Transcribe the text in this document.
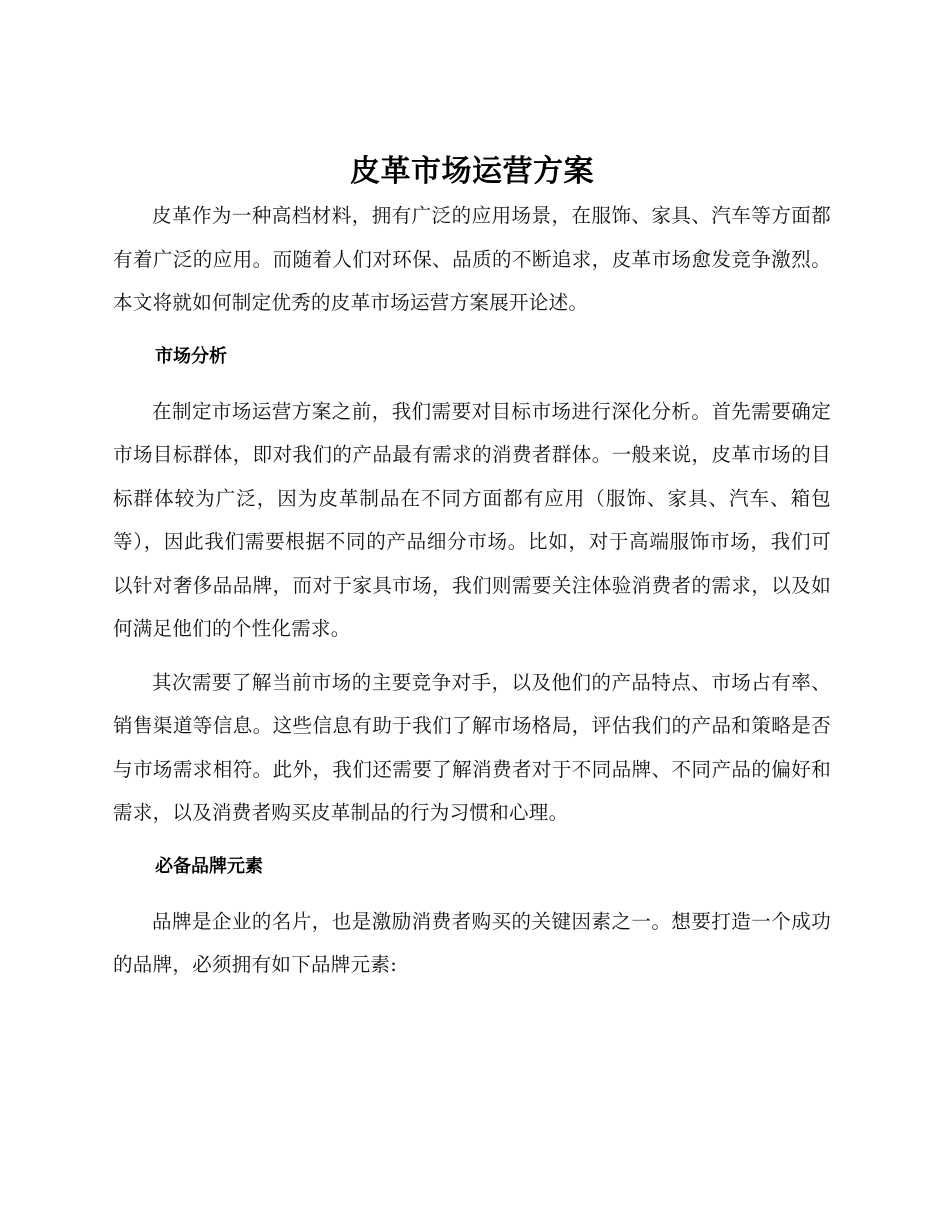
皮革市场运营方案

皮革作为一种高档材料，拥有广泛的应用场景，在服饰、家具、汽车等方面都有着广泛的应用。而随着人们对环保、品质的不断追求，皮革市场愈发竞争激烈。本文将就如何制定优秀的皮革市场运营方案展开论述。

市场分析

在制定市场运营方案之前，我们需要对目标市场进行深化分析。首先需要确定市场目标群体，即对我们的产品最有需求的消费者群体。一般来说，皮革市场的目标群体较为广泛，因为皮革制品在不同方面都有应用（服饰、家具、汽车、箱包等），因此我们需要根据不同的产品细分市场。比如，对于高端服饰市场，我们可以针对奢侈品品牌，而对于家具市场，我们则需要关注体验消费者的需求，以及如何满足他们的个性化需求。

其次需要了解当前市场的主要竞争对手，以及他们的产品特点、市场占有率、销售渠道等信息。这些信息有助于我们了解市场格局，评估我们的产品和策略是否与市场需求相符。此外，我们还需要了解消费者对于不同品牌、不同产品的偏好和需求，以及消费者购买皮革制品的行为习惯和心理。

必备品牌元素

品牌是企业的名片，也是激励消费者购买的关键因素之一。想要打造一个成功的品牌，必须拥有如下品牌元素:
